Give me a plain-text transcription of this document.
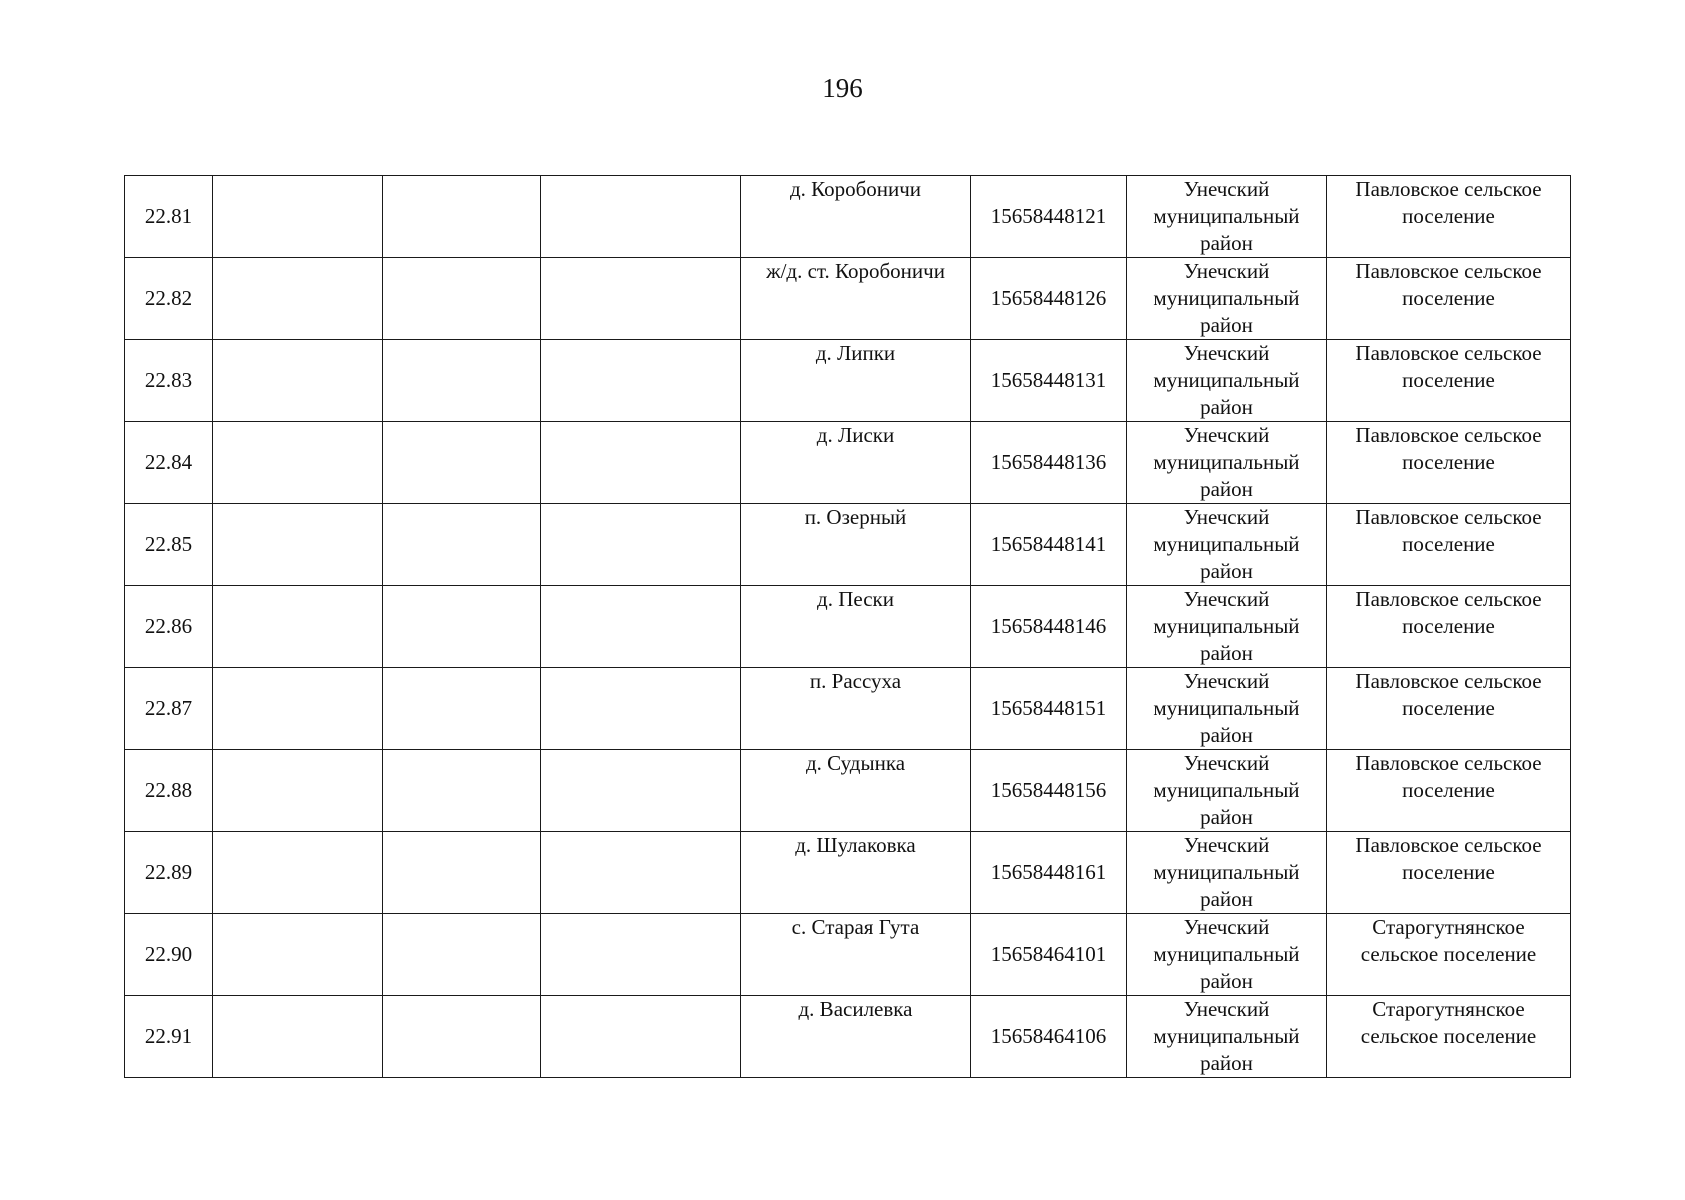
196
22.81				д. Коробоничи	15658448121	Унечский
муниципальный
район	Павловское сельское
поселение

22.82				ж/д. ст. Коробоничи	15658448126	Унечский
муниципальный
район	Павловское сельское
поселение

22.83				д. Липки	15658448131	Унечский
муниципальный
район	Павловское сельское
поселение

22.84				д. Лиски	15658448136	Унечский
муниципальный
район	Павловское сельское
поселение

22.85				п. Озерный	15658448141	Унечский
муниципальный
район	Павловское сельское
поселение

22.86				д. Пески	15658448146	Унечский
муниципальный
район	Павловское сельское
поселение

22.87				п. Рассуха	15658448151	Унечский
муниципальный
район	Павловское сельское
поселение

22.88				д. Судынка	15658448156	Унечский
муниципальный
район	Павловское сельское
поселение

22.89				д. Шулаковка	15658448161	Унечский
муниципальный
район	Павловское сельское
поселение

22.90				с. Старая Гута	15658464101	Унечский
муниципальный
район	Старогутнянское
сельское поселение

22.91				д. Василевка	15658464106	Унечский
муниципальный
район	Старогутнянское
сельское поселение
